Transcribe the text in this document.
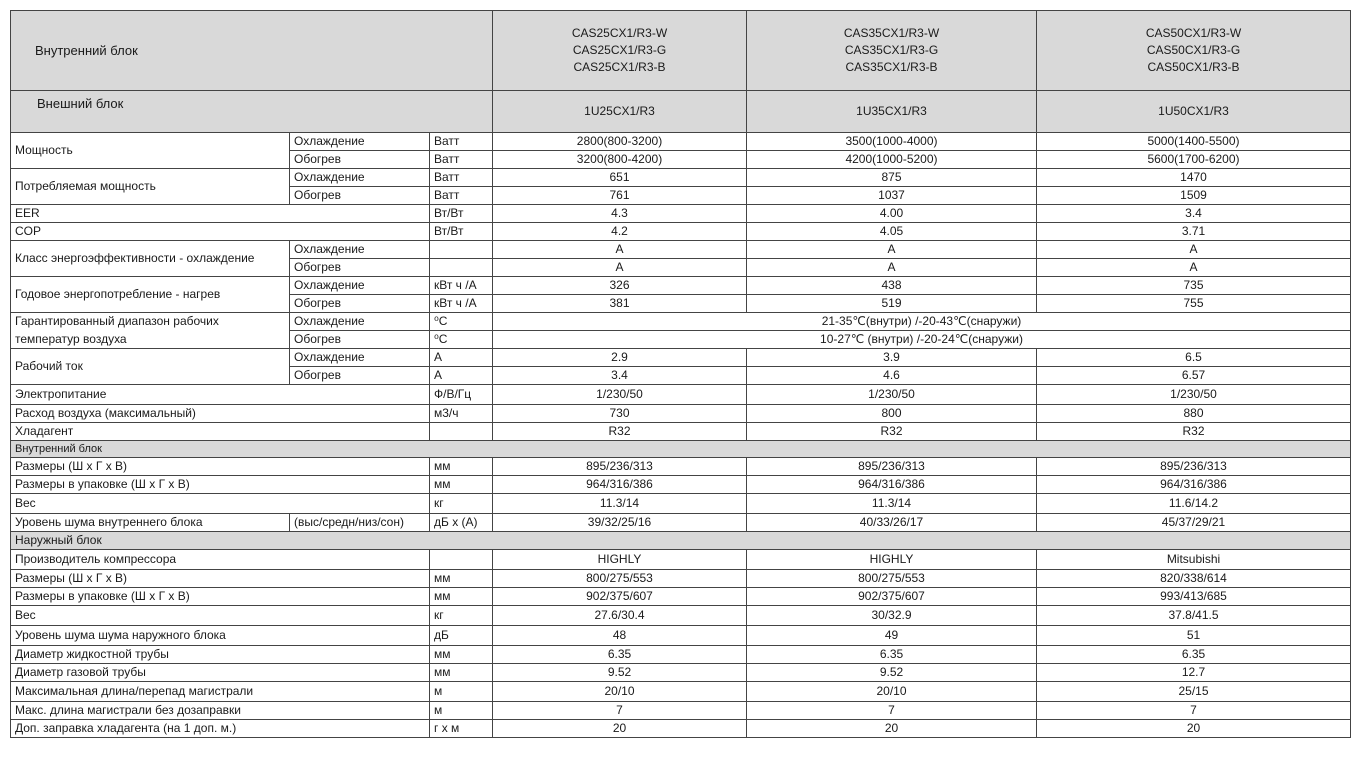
Внутренний блок			CAS25CX1/R3-W
CAS25CX1/R3-G
CAS25CX1/R3-B	CAS35CX1/R3-W
CAS35CX1/R3-G
CAS35CX1/R3-B	CAS50CX1/R3-W
CAS50CX1/R3-G
CAS50CX1/R3-B

Внешний блок			1U25CX1/R3	1U35CX1/R3	1U50CX1/R3
Мощность	Охлаждение	Ватт	2800(800-3200)	3500(1000-4000)	5000(1400-5500)
	Обогрев	Ватт	3200(800-4200)	4200(1000-5200)	5600(1700-6200)
Потребляемая мощность	Охлаждение	Ватт	651	875	1470
	Обогрев	Ватт	761	1037	1509
EER		Вт/Вт	4.3	4.00	3.4
COP		Вт/Вт	4.2	4.05	3.71
Класс энергоэффективности - охлаждение	Охлаждение		A	A	A
	Обогрев		A	A	A
Годовое энергопотребление - нагрев	Охлаждение	кВт ч /А	326	438	735
	Обогрев	кВт ч /А	381	519	755

Гарантированный диапазон рабочих
температур воздуха	Охлаждение	⁰С	21-35℃(внутри) /-20-43℃(снаружи)		
	Обогрев	⁰С	10-27℃ (внутри) /-20-24℃(снаружи)		
Рабочий ток	Охлаждение	А	2.9	3.9	6.5
	Обогрев	А	3.4	4.6	6.57
Электропитание		Ф/В/Гц	1/230/50	1/230/50	1/230/50
Расход воздуха (максимальный)		м3/ч	730	800	880
Хладагент			R32	R32	R32
Внутренний блок					
Размеры (Ш х Г х В)		мм	895/236/313	895/236/313	895/236/313
Размеры в упаковке (Ш х Г х В)		мм	964/316/386	964/316/386	964/316/386
Вес		кг	11.3/14	11.3/14	11.6/14.2
Уровень шума внутреннего блока	(выс/средн/низ/сон)	дБ х (А)	39/32/25/16	40/33/26/17	45/37/29/21
Наружный блок					
Производитель компрессора			HIGHLY	HIGHLY	Mitsubishi
Размеры (Ш х Г х В)		мм	800/275/553	800/275/553	820/338/614
Размеры в упаковке (Ш х Г х В)		мм	902/375/607	902/375/607	993/413/685
Вес		кг	27.6/30.4	30/32.9	37.8/41.5
Уровень шума шума наружного блока		дБ	48	49	51
Диаметр жидкостной трубы		мм	6.35	6.35	6.35
Диаметр газовой трубы		мм	9.52	9.52	12.7
Максимальная длина/перепад магистрали		м	20/10	20/10	25/15
Макс. длина магистрали без дозаправки		м	7	7	7
Доп. заправка хладагента (на 1 доп. м.)		г х м	20	20	20
